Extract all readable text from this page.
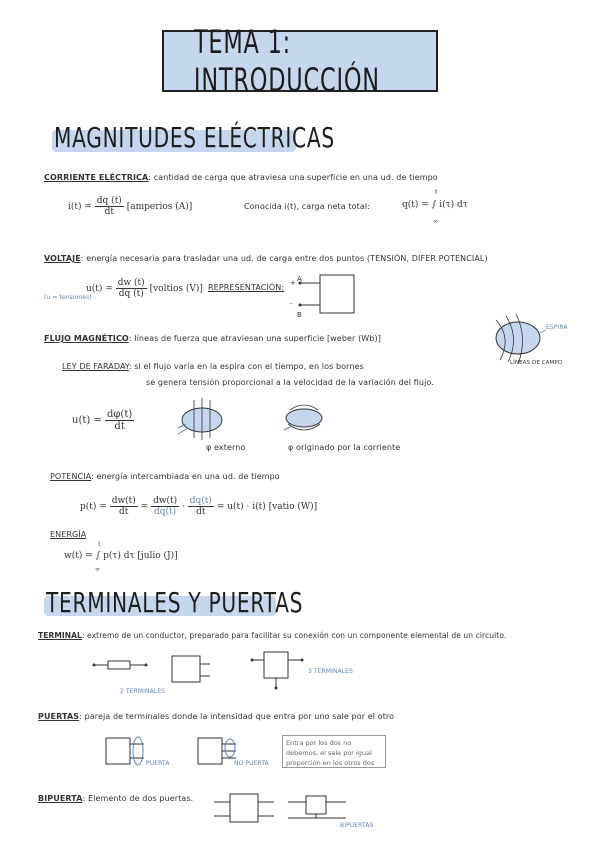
TEMA 1: INTRODUCCIÓN
MAGNITUDES ELÉCTRICAS
CORRIENTE ELÉCTRICA: cantidad de carga que atraviesa una superficie en una ud. de tiempo
$i(t) = \frac{dq (t)}{dt}$ [amperios (A)]	Conocida i(t), carga neta total:	q(t) = ∫ i(τ) dτ
t
∞
VOLTAJE: energía necesaria para trasladar una ud. de carga entre dos puntos (TENSIÓN, DIFER POTENCIAL)
$u(t) = \frac{dw (t)}{dq (t)}$ [voltios (V)]
(u = tensiones)
REPRESENTACIÓN: + A
-
B
FLUJO MAGNÉTICO: líneas de fuerza que atraviesan una superficie [weber (Wb)]
ESPIRA
LÍNEAS DE CAMPO
LEY DE FARADAY: si el flujo varía en la espira con el tiempo, en los bornes
se genera tensión proporcional a la velocidad de la variación del flujo.
$u(t) = \frac{d\varphi(t)}{dt}$
φ externo	φ originado por la corriente
POTENCIA: energía intercambiada en una ud. de tiempo
$p(t) = \frac{dw(t)}{dt} = \frac{dw(t)}{dq(t)} \cdot \frac{dq(t)}{dt} = u(t) \cdot i(t)$ [vatio (W)]
ENERGÍA
w(t) = ∫ p(τ) dτ [julio (J)]
t
∞
TERMINALES Y PUERTAS
TERMINAL: extremo de un conductor, preparado para facilitar su conexión con un componente elemental de un circuito.
2 TERMINALES
3 TERMINALES
PUERTAS: pareja de terminales donde la intensidad que entra por uno sale por el otro
PUERTA	NO PUERTA
Entra por los dos no debemos, el sale por igual proporción en los otros dos
BIPUERTA: Elemento de dos puertas.
BIPUERTAS
